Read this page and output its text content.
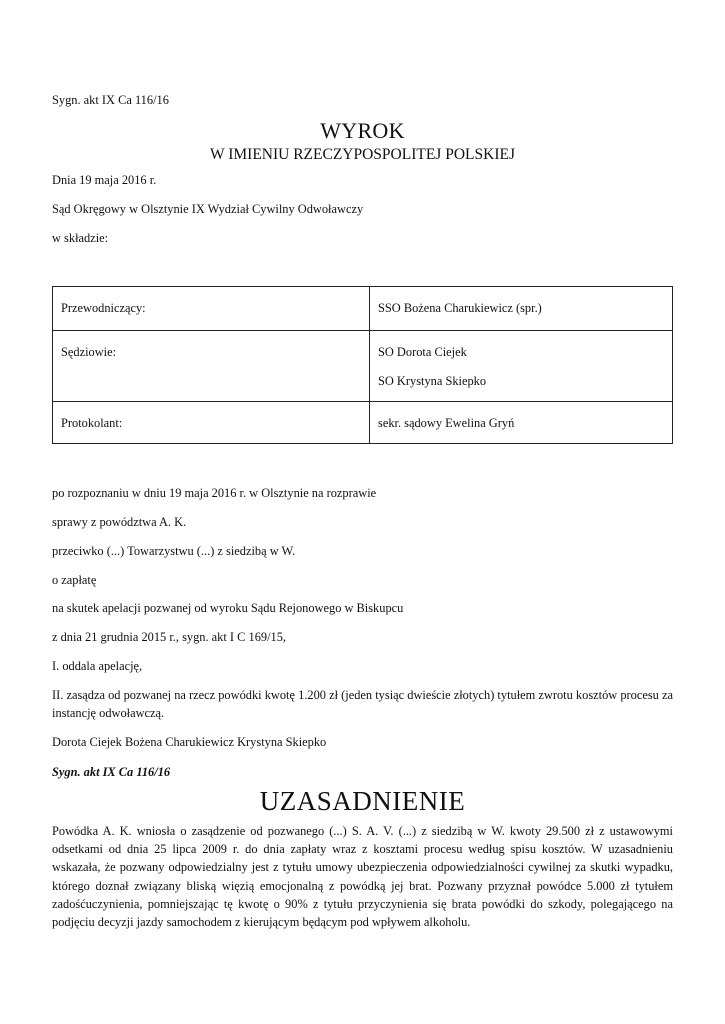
Sygn. akt IX Ca 116/16

WYROK

W IMIENIU RZECZYPOSPOLITEJ POLSKIEJ

Dnia 19 maja 2016 r.

Sąd Okręgowy w Olsztynie IX Wydział Cywilny Odwoławczy

w składzie:

Przewodniczący:	SSO Bożena Charukiewicz (spr.)

Sędziowie:	SO Dorota Ciejek
SO Krystyna Skiepko

Protokolant:	sekr. sądowy Ewelina Gryń

po rozpoznaniu w dniu 19 maja 2016 r. w Olsztynie na rozprawie

sprawy z powództwa A. K.

przeciwko (...) Towarzystwu (...) z siedzibą w W.

o zapłatę

na skutek apelacji pozwanej od wyroku Sądu Rejonowego w Biskupcu

z dnia 21 grudnia 2015 r., sygn. akt I C 169/15,

I. oddala apelację,

II. zasądza od pozwanej na rzecz powódki kwotę 1.200 zł (jeden tysiąc dwieście złotych) tytułem zwrotu kosztów procesu za instancję odwoławczą.

Dorota Ciejek Bożena Charukiewicz Krystyna Skiepko

Sygn. akt IX Ca 116/16

UZASADNIENIE

Powódka A. K. wniosła o zasądzenie od pozwanego (...) S. A. V. (...) z siedzibą w W. kwoty 29.500 zł z ustawowymi odsetkami od dnia 25 lipca 2009 r. do dnia zapłaty wraz z kosztami procesu według spisu kosztów. W uzasadnieniu wskazała, że pozwany odpowiedzialny jest z tytułu umowy ubezpieczenia odpowiedzialności cywilnej za skutki wypadku, którego doznał związany bliską więzią emocjonalną z powódką jej brat. Pozwany przyznał powódce 5.000 zł tytułem zadośćuczynienia, pomniejszając tę kwotę o 90% z tytułu przyczynienia się brata powódki do szkody, polegającego na podjęciu decyzji jazdy samochodem z kierującym będącym pod wpływem alkoholu.
